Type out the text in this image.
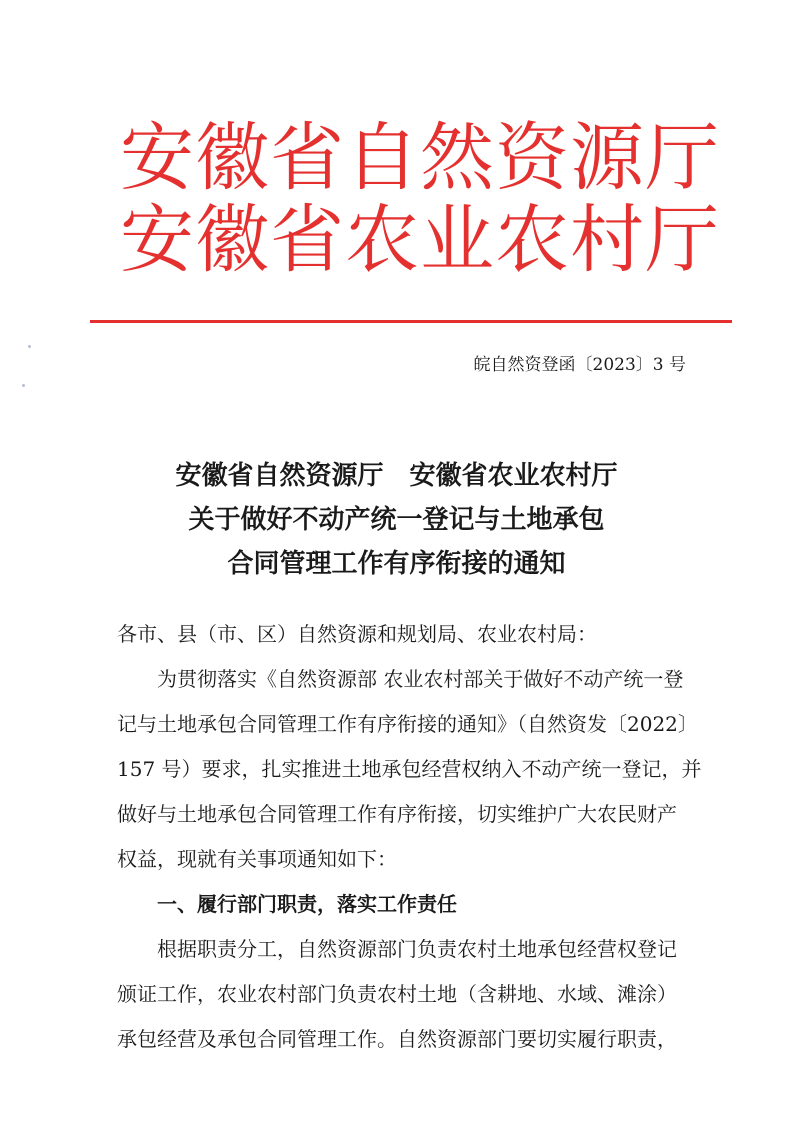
安徽省自然资源厅
安徽省农业农村厅
皖自然资登函〔2023〕3 号
安徽省自然资源厅　安徽省农业农村厅
关于做好不动产统一登记与土地承包
合同管理工作有序衔接的通知
各市、县（市、区）自然资源和规划局、农业农村局：
为贯彻落实《自然资源部 农业农村部关于做好不动产统一登
记与土地承包合同管理工作有序衔接的通知》（自然资发〔2022〕
157 号）要求，扎实推进土地承包经营权纳入不动产统一登记，并
做好与土地承包合同管理工作有序衔接，切实维护广大农民财产
权益，现就有关事项通知如下：
一、履行部门职责，落实工作责任
根据职责分工，自然资源部门负责农村土地承包经营权登记
颁证工作，农业农村部门负责农村土地（含耕地、水域、滩涂）
承包经营及承包合同管理工作。自然资源部门要切实履行职责，
